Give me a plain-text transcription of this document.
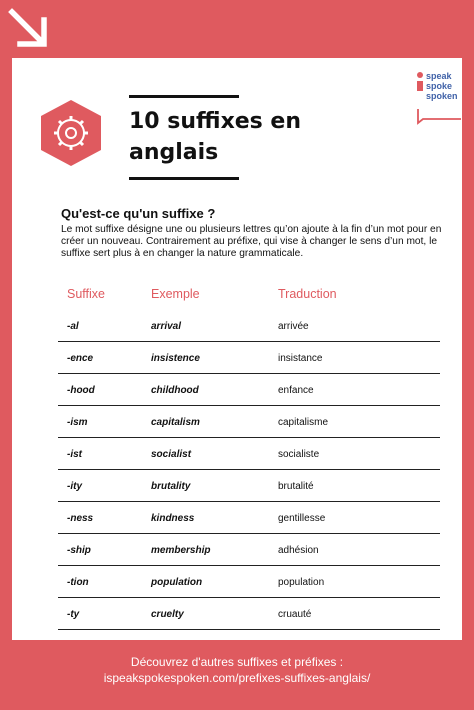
10 suffixes en
anglais
speak
spoke
spoken
Qu'est-ce qu'un suffixe ?
Le mot suffixe désigne une ou plusieurs lettres qu’on ajoute à la fin d’un mot pour en créer un nouveau. Contrairement au préfixe, qui vise à changer le sens d’un mot, le suffixe sert plus à en changer la nature grammaticale.
Suffixe	Exemple	Traduction
-al	arrival	arrivée
-ence	insistence	insistance
-hood	childhood	enfance
-ism	capitalism	capitalisme
-ist	socialist	socialiste
-ity	brutality	brutalité
-ness	kindness	gentillesse
-ship	membership	adhésion
-tion	population	population
-ty	cruelty	cruauté
Découvrez d'autres suffixes et préfixes :
ispeakspokespoken.com/prefixes-suffixes-anglais/
